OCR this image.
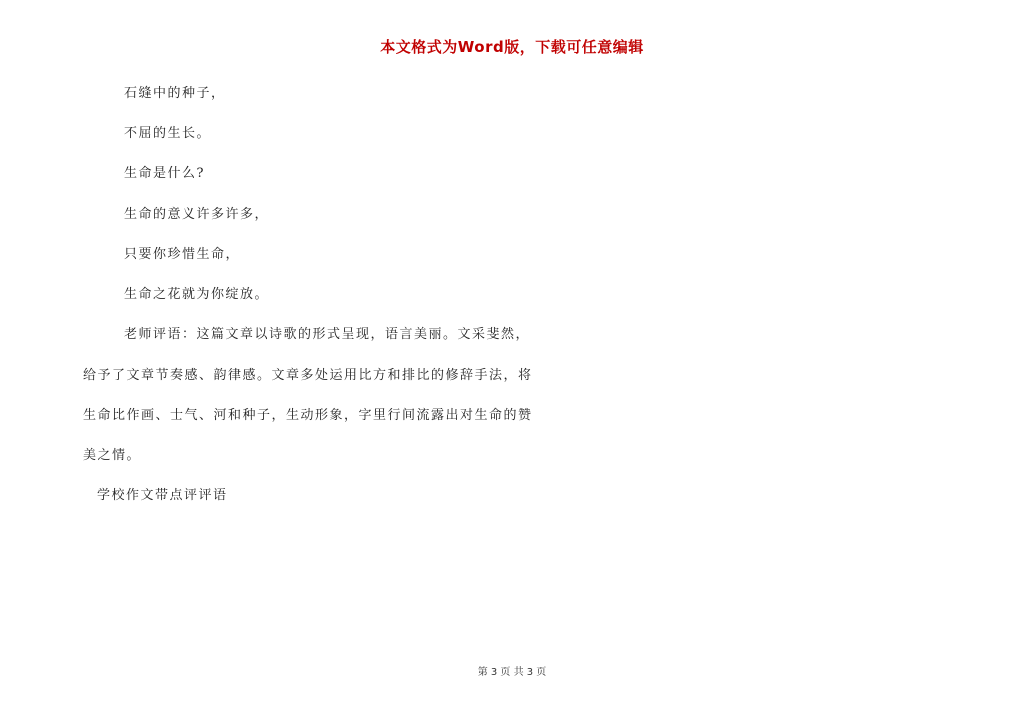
本文格式为Word版，下载可任意编辑
石缝中的种子，
不屈的生长。
生命是什么?
生命的意义许多许多，
只要你珍惜生命，
生命之花就为你绽放。
老师评语：这篇文章以诗歌的形式呈现，语言美丽。文采斐然，
给予了文章节奏感、韵律感。文章多处运用比方和排比的修辞手法，将
生命比作画、士气、河和种子，生动形象，字里行间流露出对生命的赞
美之情。
学校作文带点评评语
第 3 页 共 3 页
